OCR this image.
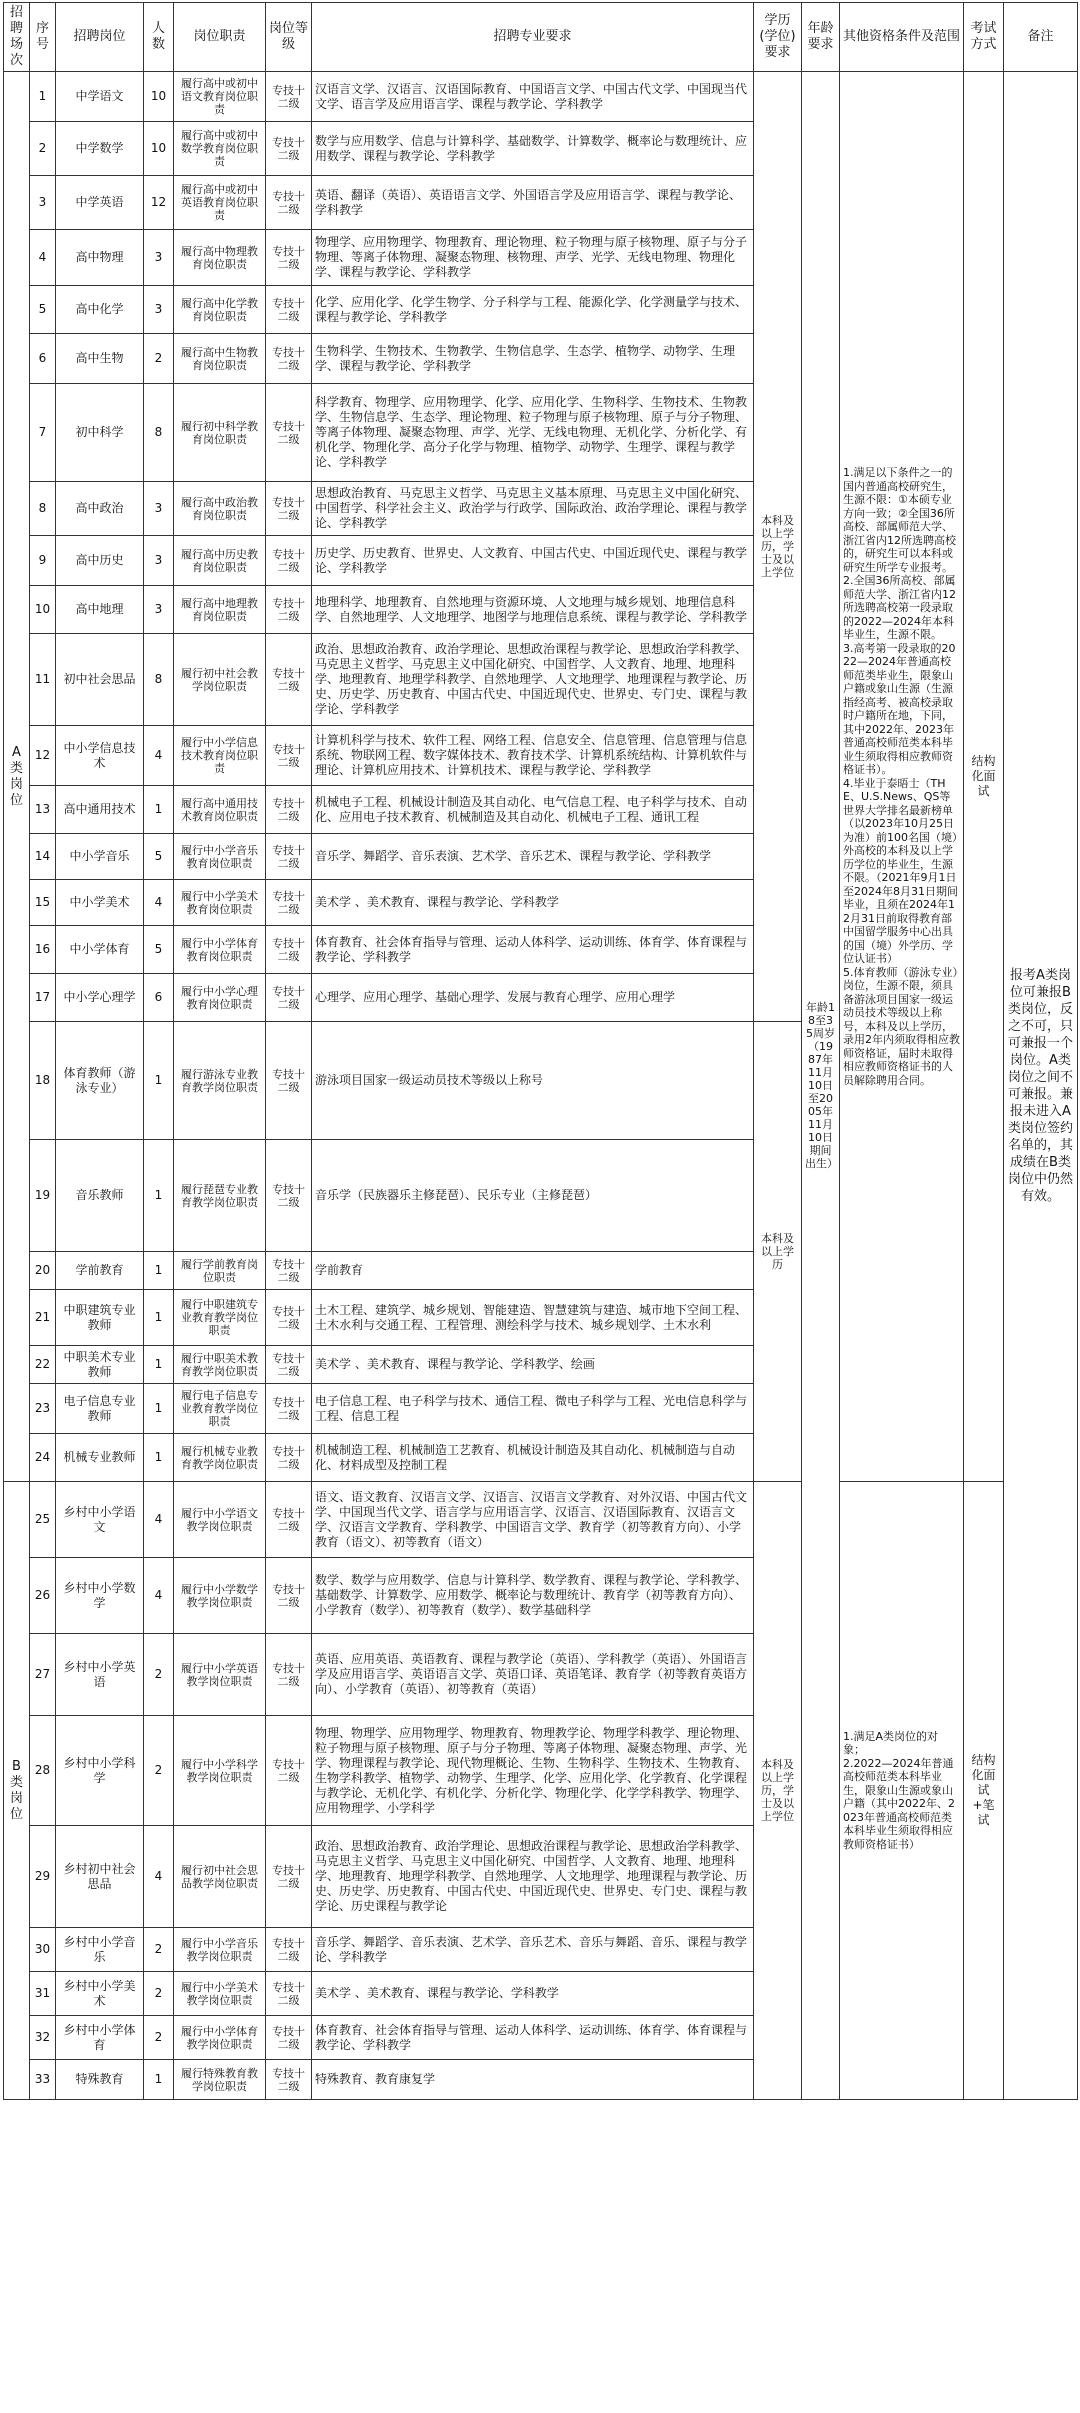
招聘场次	序号	招聘岗位	人数	岗位职责	岗位等级	招聘专业要求	学历(学位)要求	年龄要求	其他资格条件及范围	考试方式	备注
A类岗位	1	中学语文	10	履行高中或初中语文教育岗位职责	专技十二级	汉语言文学、汉语言、汉语国际教育、中国语言文学、中国古代文学、中国现当代文学、语言学及应用语言学、课程与教学论、学科教学	本科及以上学历，学士及以上学位	年龄18至35周岁（1987年11月10日至2005年11月10日期间出生）	1.满足以下条件之一的国内普通高校研究生，生源不限：①本硕专业方向一致；②全国36所高校、部属师范大学、浙江省内12所选聘高校的，研究生可以本科或研究生所学专业报考。
2.全国36所高校、部属师范大学、浙江省内12所选聘高校第一段录取的2022—2024年本科毕业生，生源不限。
3.高考第一段录取的2022—2024年普通高校师范类毕业生，限象山户籍或象山生源（生源指经高考、被高校录取时户籍所在地，下同，其中2022年、2023年普通高校师范类本科毕业生须取得相应教师资格证书）。
4.毕业于泰晤士（THE、U.S.News、QS等世界大学排名最新榜单（以2023年10月25日为准）前100名国（境）外高校的本科及以上学历学位的毕业生，生源不限。（2021年9月1日至2024年8月31日期间毕业，且须在2024年12月31日前取得教育部中国留学服务中心出具的国（境）外学历、学位认证书）
5.体育教师（游泳专业）岗位，生源不限，须具备游泳项目国家一级运动员技术等级以上称号，本科及以上学历，录用2年内须取得相应教师资格证，届时未取得相应教师资格证书的人员解除聘用合同。	结构化面试	报考A类岗位可兼报B类岗位，反之不可，只可兼报一个岗位。A类岗位之间不可兼报。兼报未进入A类岗位签约名单的，其成绩在B类岗位中仍然有效。
	2	中学数学	10	履行高中或初中数学教育岗位职责	专技十二级	数学与应用数学、信息与计算科学、基础数学、计算数学、概率论与数理统计、应用数学、课程与教学论、学科教学					
	3	中学英语	12	履行高中或初中英语教育岗位职责	专技十二级	英语、翻译（英语）、英语语言文学、外国语言学及应用语言学、课程与教学论、学科教学					
	4	高中物理	3	履行高中物理教育岗位职责	专技十二级	物理学、应用物理学、物理教育、理论物理、粒子物理与原子核物理、原子与分子物理、等离子体物理、凝聚态物理、核物理、声学、光学、无线电物理、物理化学、课程与教学论、学科教学					
	5	高中化学	3	履行高中化学教育岗位职责	专技十二级	化学、应用化学、化学生物学、分子科学与工程、能源化学、化学测量学与技术、课程与教学论、学科教学					
	6	高中生物	2	履行高中生物教育岗位职责	专技十二级	生物科学、生物技术、生物教学、生物信息学、生态学、植物学、动物学、生理学、课程与教学论、学科教学					
	7	初中科学	8	履行初中科学教育岗位职责	专技十二级	科学教育、物理学、应用物理学、化学、应用化学、生物科学、生物技术、生物教学、生物信息学、生态学、理论物理、粒子物理与原子核物理、原子与分子物理、等离子体物理、凝聚态物理、声学、光学、无线电物理、无机化学、分析化学、有机化学、物理化学、高分子化学与物理、植物学、动物学、生理学、课程与教学论、学科教学					
	8	高中政治	3	履行高中政治教育岗位职责	专技十二级	思想政治教育、马克思主义哲学、马克思主义基本原理、马克思主义中国化研究、中国哲学、科学社会主义、政治学与行政学、国际政治、政治学理论、课程与教学论、学科教学					
	9	高中历史	3	履行高中历史教育岗位职责	专技十二级	历史学、历史教育、世界史、人文教育、中国古代史、中国近现代史、课程与教学论、学科教学					
	10	高中地理	3	履行高中地理教育岗位职责	专技十二级	地理科学、地理教育、自然地理与资源环境、人文地理与城乡规划、地理信息科学、自然地理学、人文地理学、地图学与地理信息系统、课程与教学论、学科教学					
	11	初中社会思品	8	履行初中社会教学岗位职责	专技十二级	政治、思想政治教育、政治学理论、思想政治课程与教学论、思想政治学科教学、马克思主义哲学、马克思主义中国化研究、中国哲学、人文教育、地理、地理科学、地理教育、地理学科教学、自然地理学、人文地理学、地理课程与教学论、历史、历史学、历史教育、中国古代史、中国近现代史、世界史、专门史、课程与教学论、学科教学					
	12	中小学信息技术	4	履行中小学信息技术教育岗位职责	专技十二级	计算机科学与技术、软件工程、网络工程、信息安全、信息管理、信息管理与信息系统、物联网工程、数字媒体技术、教育技术学、计算机系统结构、计算机软件与理论、计算机应用技术、计算机技术、课程与教学论、学科教学					
	13	高中通用技术	1	履行高中通用技术教育岗位职责	专技十二级	机械电子工程、机械设计制造及其自动化、电气信息工程、电子科学与技术、自动化、应用电子技术教育、机械制造及其自动化、机械电子工程、通讯工程					
	14	中小学音乐	5	履行中小学音乐教育岗位职责	专技十二级	音乐学、舞蹈学、音乐表演、艺术学、音乐艺术、课程与教学论、学科教学					
	15	中小学美术	4	履行中小学美术教育岗位职责	专技十二级	美术学 、美术教育、课程与教学论、学科教学					
	16	中小学体育	5	履行中小学体育教育岗位职责	专技十二级	体育教育、社会体育指导与管理、运动人体科学、运动训练、体育学、体育课程与教学论、学科教学					
	17	中小学心理学	6	履行中小学心理教育岗位职责	专技十二级	心理学、应用心理学、基础心理学、发展与教育心理学、应用心理学					
	18	体育教师（游泳专业）	1	履行游泳专业教育教学岗位职责	专技十二级	游泳项目国家一级运动员技术等级以上称号	本科及以上学历				
	19	音乐教师	1	履行琵琶专业教育教学岗位职责	专技十二级	音乐学（民族器乐主修琵琶）、民乐专业（主修琵琶）					
	20	学前教育	1	履行学前教育岗位职责	专技十二级	学前教育					
	21	中职建筑专业教师	1	履行中职建筑专业教育教学岗位职责	专技十二级	土木工程、建筑学、城乡规划、智能建造、智慧建筑与建造、城市地下空间工程、土木水利与交通工程、工程管理、测绘科学与技术、城乡规划学、土木水利					
	22	中职美术专业教师	1	履行中职美术教育教学岗位职责	专技十二级	美术学 、美术教育、课程与教学论、学科教学、绘画					
	23	电子信息专业教师	1	履行电子信息专业教育教学岗位职责	专技十二级	电子信息工程、电子科学与技术、通信工程、微电子科学与工程、光电信息科学与工程、信息工程					
	24	机械专业教师	1	履行机械专业教育教学岗位职责	专技十二级	机械制造工程、机械制造工艺教育、机械设计制造及其自动化、机械制造与自动化、材料成型及控制工程					
B类岗位	25	乡村中小学语文	4	履行中小学语文教学岗位职责	专技十二级	语文、语文教育、汉语言文学、汉语言、汉语言文学教育、对外汉语、中国古代文学、中国现当代文学、语言学与应用语言学、汉语言、汉语国际教育、汉语言文学、汉语言文学教育、学科教学、中国语言文学、教育学（初等教育方向）、小学教育（语文）、初等教育（语文）	本科及以上学历，学士及以上学位		1.满足A类岗位的对象；
2.2022—2024年普通高校师范类本科毕业生，限象山生源或象山户籍（其中2022年、2023年普通高校师范类本科毕业生须取得相应教师资格证书）	结构化面试+笔试	
	26	乡村中小学数学	4	履行中小学数学教学岗位职责	专技十二级	数学、数学与应用数学、信息与计算科学、数学教育、课程与教学论、学科教学、基础数学、计算数学、应用数学、概率论与数理统计、教育学（初等教育方向）、小学教育（数学）、初等教育（数学）、数学基础科学					
	27	乡村中小学英语	2	履行中小学英语教学岗位职责	专技十二级	英语、应用英语、英语教育、课程与教学论（英语）、学科教学（英语）、外国语言学及应用语言学、英语语言文学、英语口译、英语笔译、教育学（初等教育英语方向）、小学教育（英语）、初等教育（英语）					
	28	乡村中小学科学	2	履行中小学科学教学岗位职责	专技十二级	物理、物理学、应用物理学、物理教育、物理教学论、物理学科教学、理论物理、粒子物理与原子核物理、原子与分子物理、等离子体物理、凝聚态物理、声学、光学、物理课程与教学论、现代物理概论、生物、生物科学、生物技术、生物教育、生物学科教学、植物学、动物学、生理学、化学、应用化学、化学教育、化学课程与教学论、无机化学、有机化学、分析化学、物理化学、化学学科教学、物理学、应用物理学、小学科学					
	29	乡村初中社会思品	4	履行初中社会思品教学岗位职责	专技十二级	政治、思想政治教育、政治学理论、思想政治课程与教学论、思想政治学科教学、马克思主义哲学、马克思主义中国化研究、中国哲学、人文教育、地理、地理科学、地理教育、地理学科教学、自然地理学、人文地理学、地理课程与教学论、历史、历史学、历史教育、中国古代史、中国近现代史、世界史、专门史、课程与教学论、历史课程与教学论					
	30	乡村中小学音乐	2	履行中小学音乐教学岗位职责	专技十二级	音乐学、舞蹈学、音乐表演、艺术学、音乐艺术、音乐与舞蹈、音乐、课程与教学论、学科教学					
	31	乡村中小学美术	2	履行中小学美术教学岗位职责	专技十二级	美术学 、美术教育、课程与教学论、学科教学					
	32	乡村中小学体育	2	履行中小学体育教学岗位职责	专技十二级	体育教育、社会体育指导与管理、运动人体科学、运动训练、体育学、体育课程与教学论、学科教学					
	33	特殊教育	1	履行特殊教育教学岗位职责	专技十二级	特殊教育、教育康复学					
